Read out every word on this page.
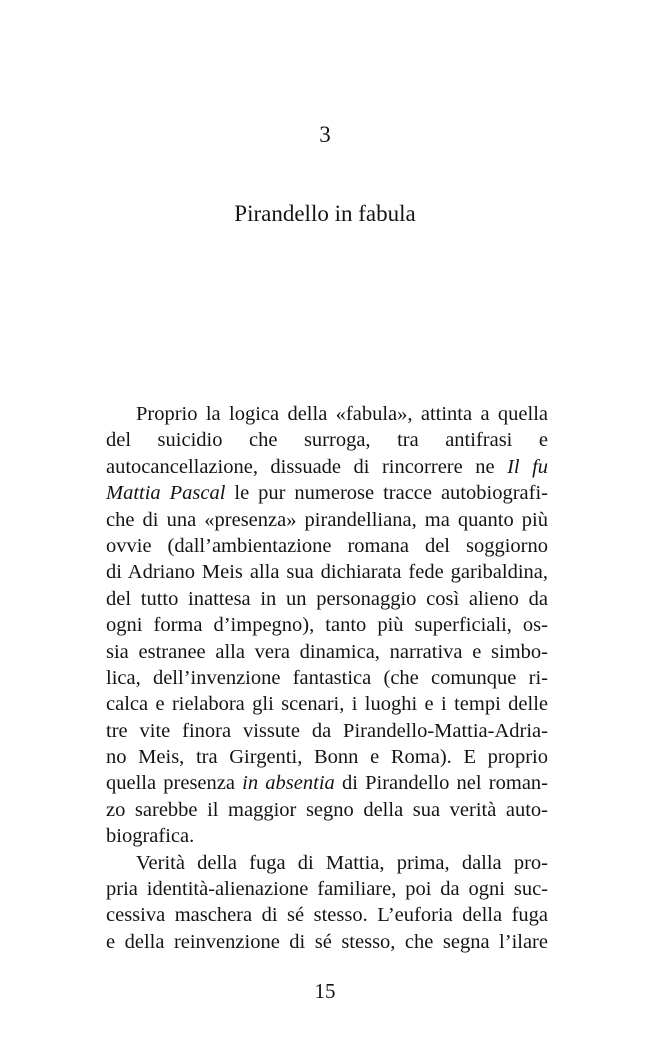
3
Pirandello in fabula
Proprio la logica della «fabula», attinta a quella
del suicidio che surroga, tra antifrasi e
autocancellazione, dissuade di rincorrere ne Il fu
Mattia Pascal le pur numerose tracce autobiografi-
che di una «presenza» pirandelliana, ma quanto più
ovvie (dall’ambientazione romana del soggiorno
di Adriano Meis alla sua dichiarata fede garibaldina,
del tutto inattesa in un personaggio così alieno da
ogni forma d’impegno), tanto più superficiali, os-
sia estranee alla vera dinamica, narrativa e simbo-
lica, dell’invenzione fantastica (che comunque ri-
calca e rielabora gli scenari, i luoghi e i tempi delle
tre vite finora vissute da Pirandello-Mattia-Adria-
no Meis, tra Girgenti, Bonn e Roma). E proprio
quella presenza in absentia di Pirandello nel roman-
zo sarebbe il maggior segno della sua verità auto-
biografica.
Verità della fuga di Mattia, prima, dalla pro-
pria identità-alienazione familiare, poi da ogni suc-
cessiva maschera di sé stesso. L’euforia della fuga
e della reinvenzione di sé stesso, che segna l’ilare
15
